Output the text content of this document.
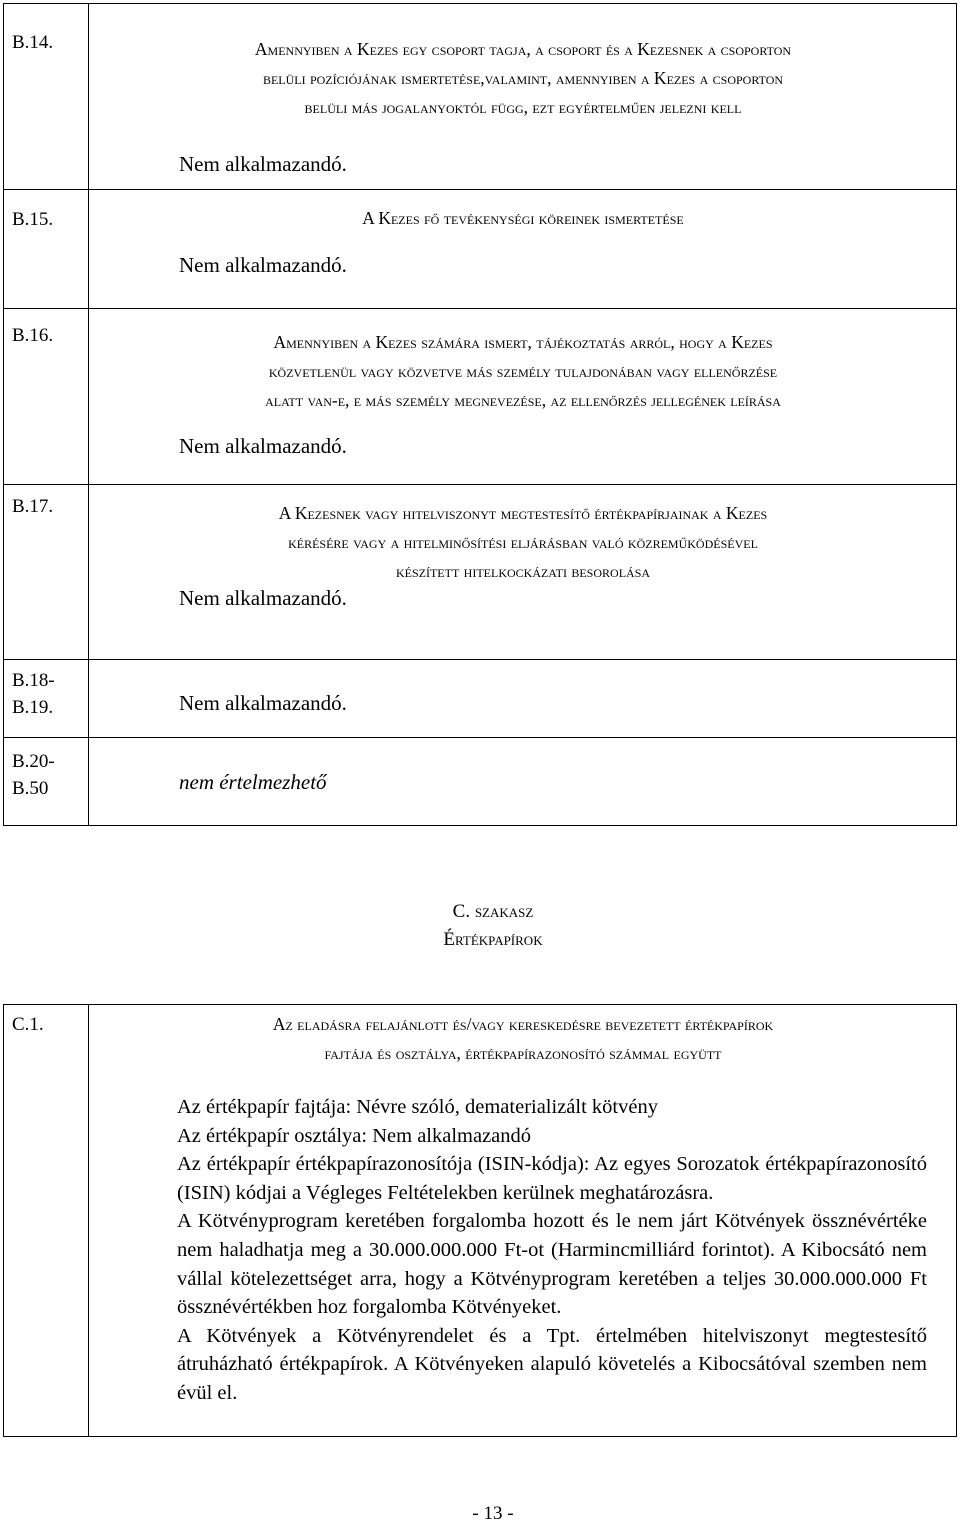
B.14.	Amennyiben a Kezes egy csoport tagja, a csoport és a Kezesnek a csoporton
belüli pozíciójának ismertetése,valamint, amennyiben a Kezes a csoporton
belüli más jogalanyoktól függ, ezt egyértelműen jelezni kell
Nem alkalmazandó.

B.15.	A Kezes fő tevékenységi köreinek ismertetése
Nem alkalmazandó.

B.16.	Amennyiben a Kezes számára ismert, tájékoztatás arról, hogy a Kezes
közvetlenül vagy közvetve más személy tulajdonában vagy ellenőrzése
alatt van-e, e más személy megnevezése, az ellenőrzés jellegének leírása
Nem alkalmazandó.

B.17.	A Kezesnek vagy hitelviszonyt megtestesítő értékpapírjainak a Kezes
kérésére vagy a hitelminősítési eljárásban való közreműködésével
készített hitelkockázati besorolása
Nem alkalmazandó.

B.18-
B.19.	Nem alkalmazandó.

B.20-
B.50	nem értelmezhető
C. szakasz
Értékpapírok
C.1.	Az eladásra felajánlott és/vagy kereskedésre bevezetett értékpapírok
fajtája és osztálya, értékpapírazonosító számmal együtt
Az értékpapír fajtája: Névre szóló, dematerializált kötvény
Az értékpapír osztálya: Nem alkalmazandó
Az értékpapír értékpapírazonosítója (ISIN-kódja): Az egyes Sorozatok értékpapírazonosító (ISIN) kódjai a Végleges Feltételekben kerülnek meghatározásra.
A Kötvényprogram keretében forgalomba hozott és le nem járt Kötvények össznévértéke nem haladhatja meg a 30.000.000.000 Ft-ot (Harmincmilliárd forintot). A Kibocsátó nem vállal kötelezettséget arra, hogy a Kötvényprogram keretében a teljes 30.000.000.000 Ft össznévértékben hoz forgalomba Kötvényeket.
A Kötvények a Kötvényrendelet és a Tpt. értelmében hitelviszonyt megtestesítő átruházható értékpapírok. A Kötvényeken alapuló követelés a Kibocsátóval szemben nem évül el.
- 13 -
